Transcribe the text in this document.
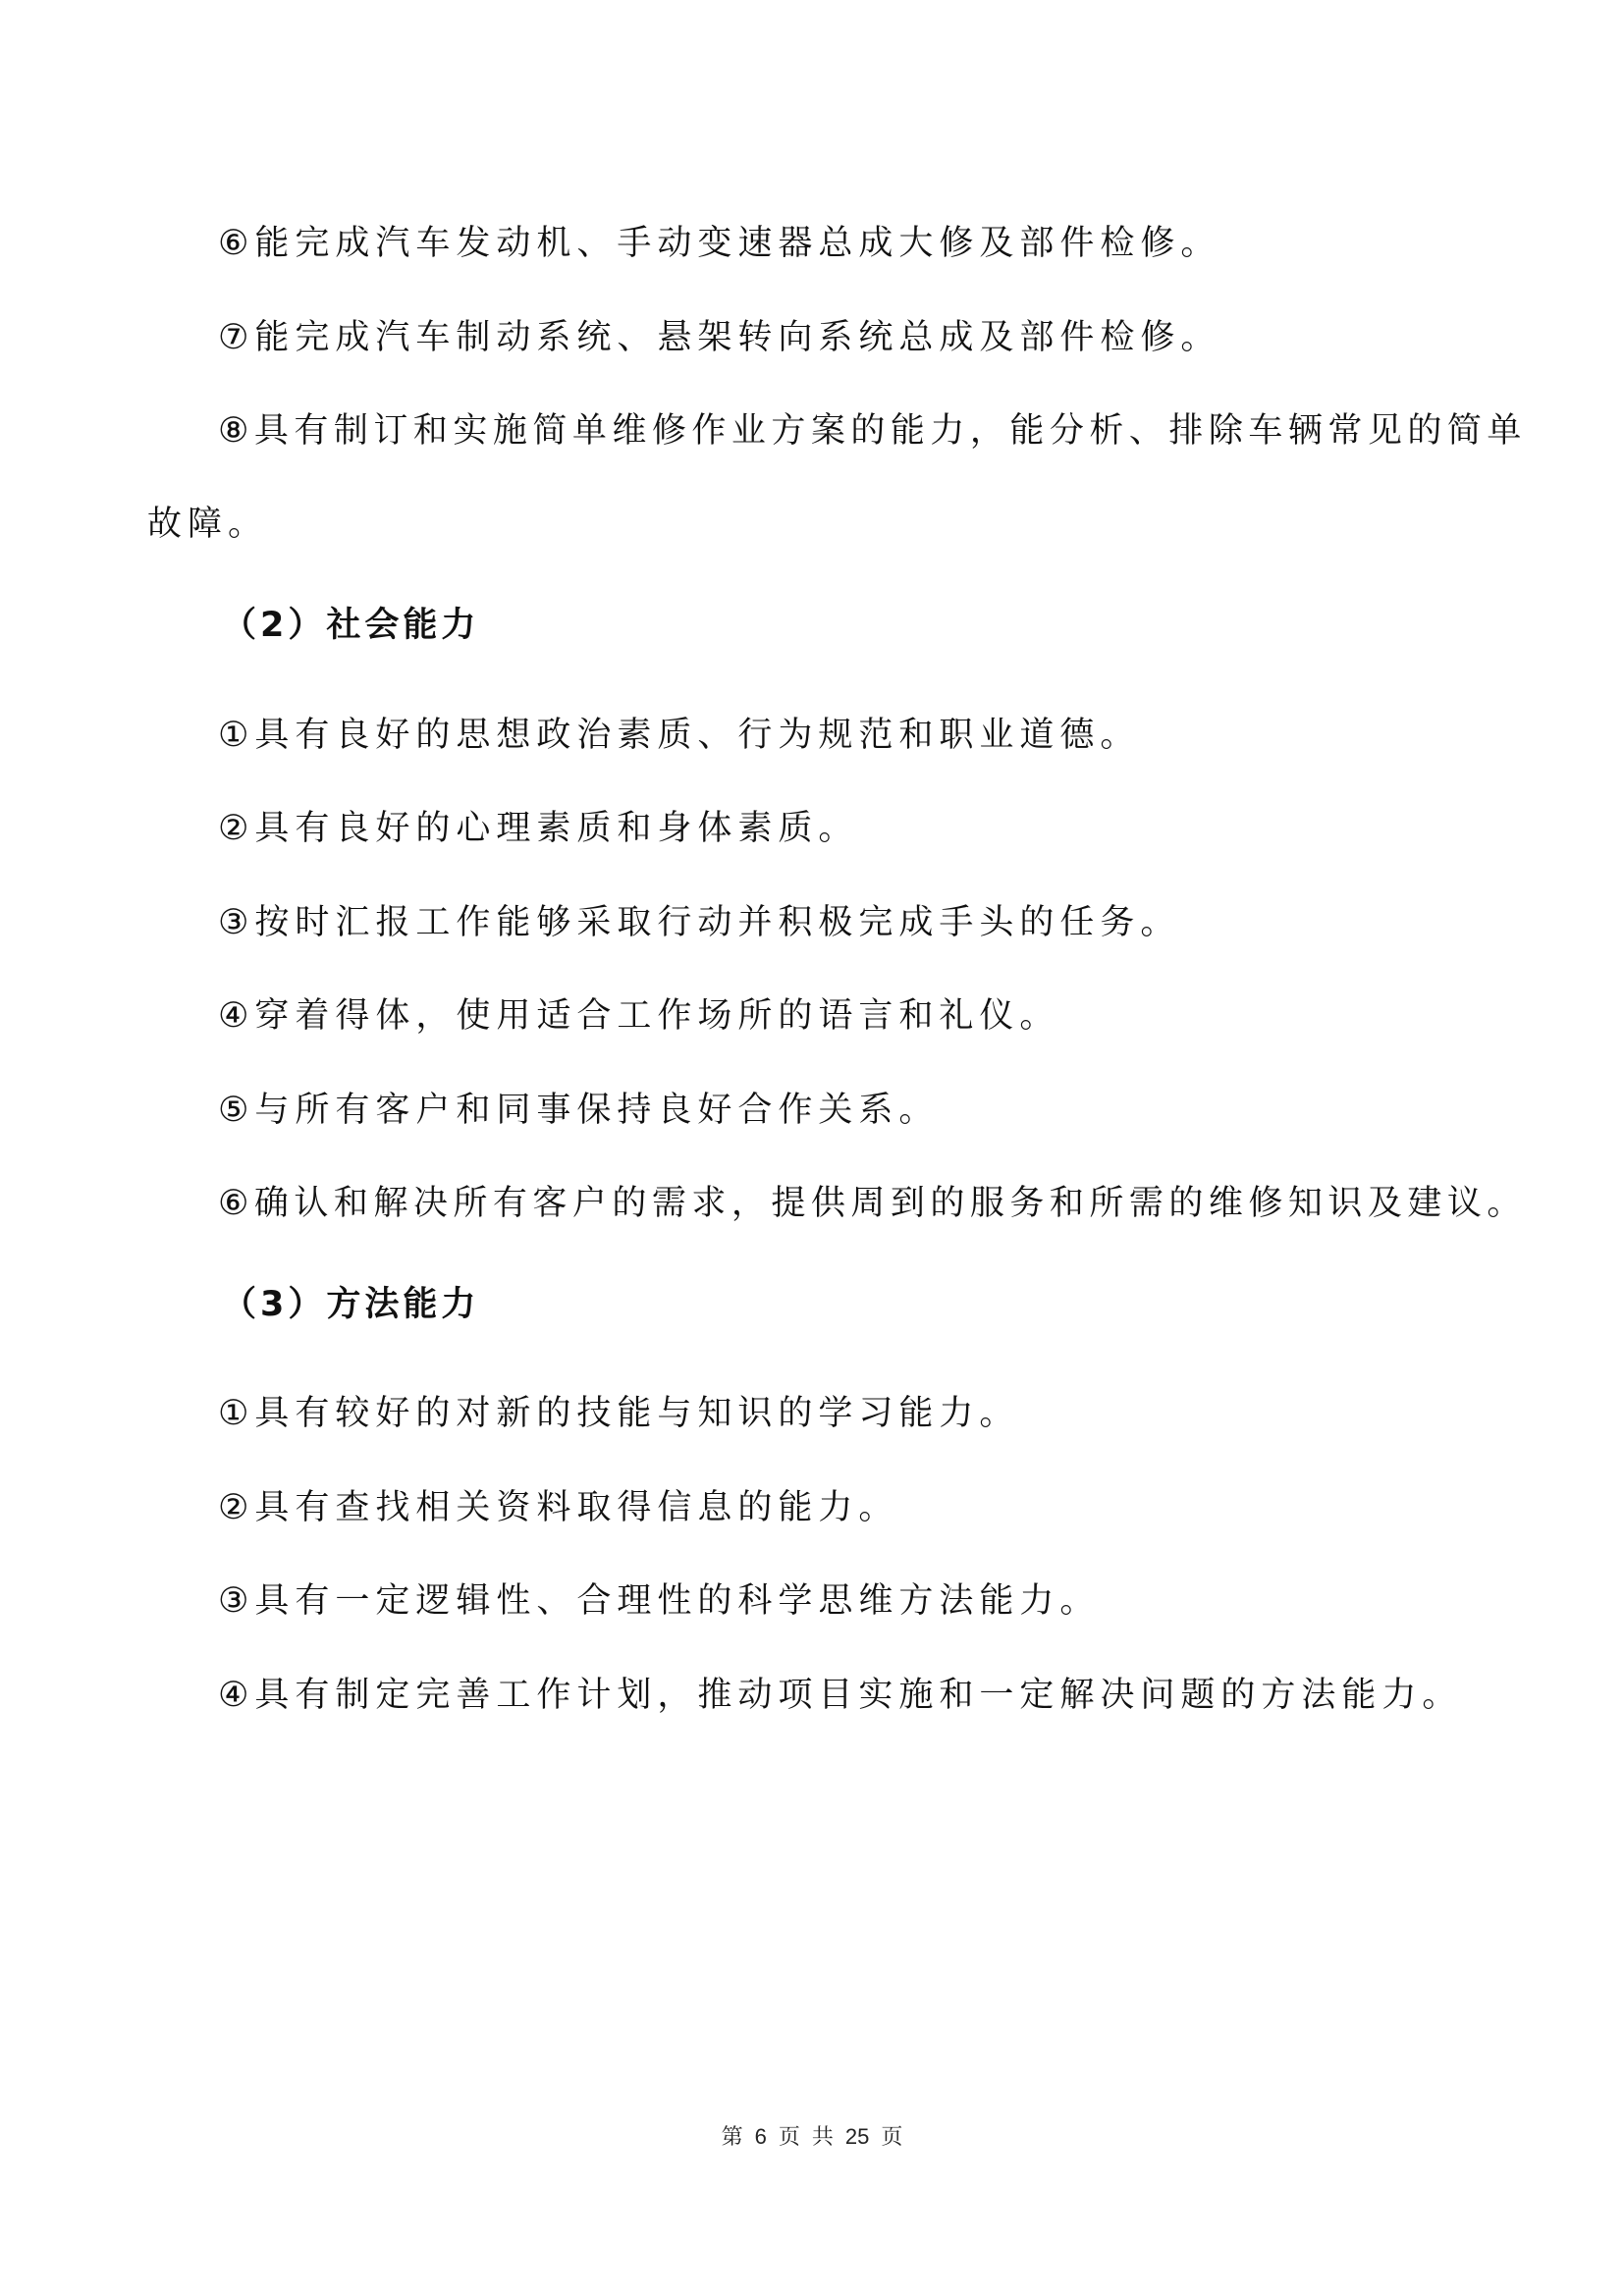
⑥能完成汽车发动机、手动变速器总成大修及部件检修。
⑦能完成汽车制动系统、悬架转向系统总成及部件检修。
⑧具有制订和实施简单维修作业方案的能力，能分析、排除车辆常见的简单
故障。
（2）社会能力
①具有良好的思想政治素质、行为规范和职业道德。
②具有良好的心理素质和身体素质。
③按时汇报工作能够采取行动并积极完成手头的任务。
④穿着得体，使用适合工作场所的语言和礼仪。
⑤与所有客户和同事保持良好合作关系。
⑥确认和解决所有客户的需求，提供周到的服务和所需的维修知识及建议。
（3）方法能力
①具有较好的对新的技能与知识的学习能力。
②具有查找相关资料取得信息的能力。
③具有一定逻辑性、合理性的科学思维方法能力。
④具有制定完善工作计划，推动项目实施和一定解决问题的方法能力。
第 6 页 共 25 页
